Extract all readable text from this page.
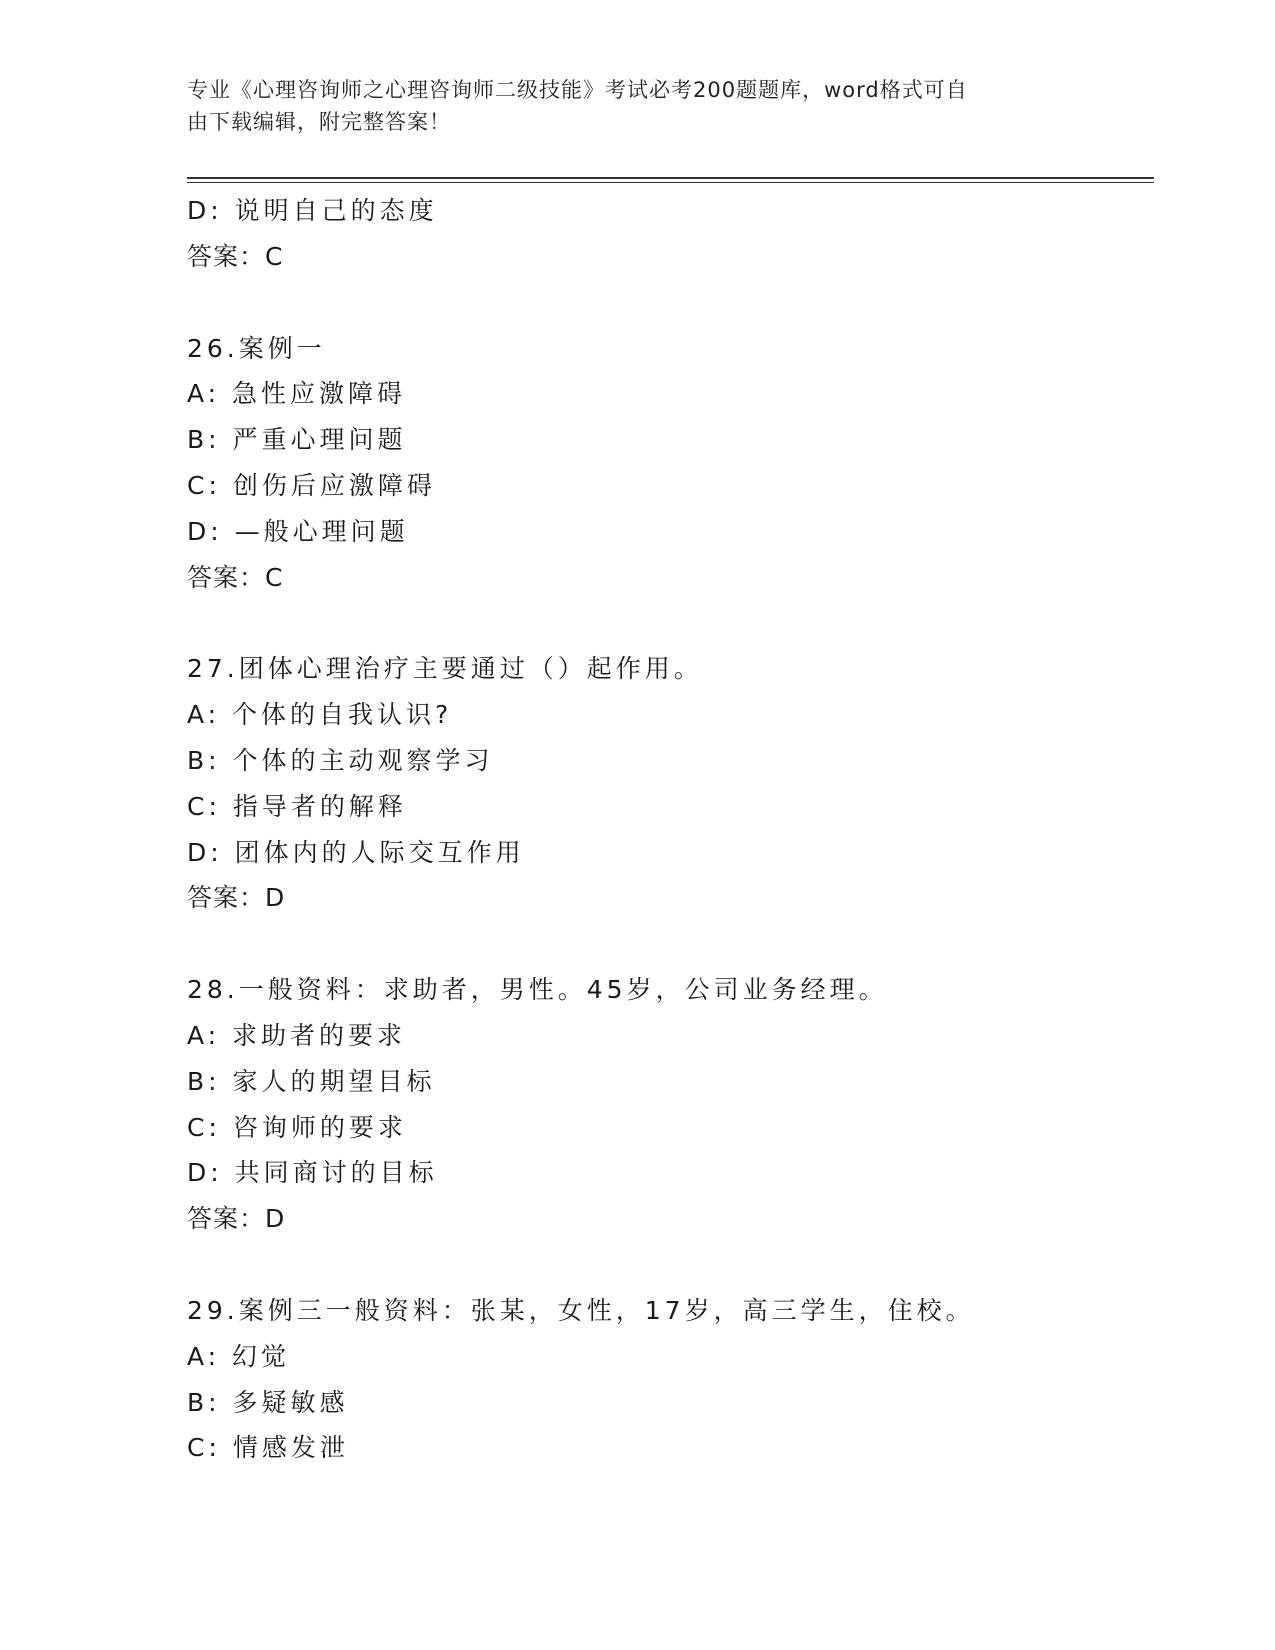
专业《心理咨询师之心理咨询师二级技能》考试必考200题题库，word格式可自
由下载编辑，附完整答案！
D: 说明自己的态度
答案：C
26.案例一
A: 急性应激障碍
B: 严重心理问题
C: 创伤后应激障碍
D: —般心理问题
答案：C
27.团体心理治疗主要通过（）起作用。
A: 个体的自我认识?
B: 个体的主动观察学习
C: 指导者的解释
D: 团体内的人际交互作用
答案：D
28.一般资料：求助者，男性。45岁，公司业务经理。
A: 求助者的要求
B: 家人的期望目标
C: 咨询师的要求
D: 共同商讨的目标
答案：D
29.案例三一般资料：张某，女性，17岁，高三学生，住校。
A: 幻觉
B: 多疑敏感
C: 情感发泄
